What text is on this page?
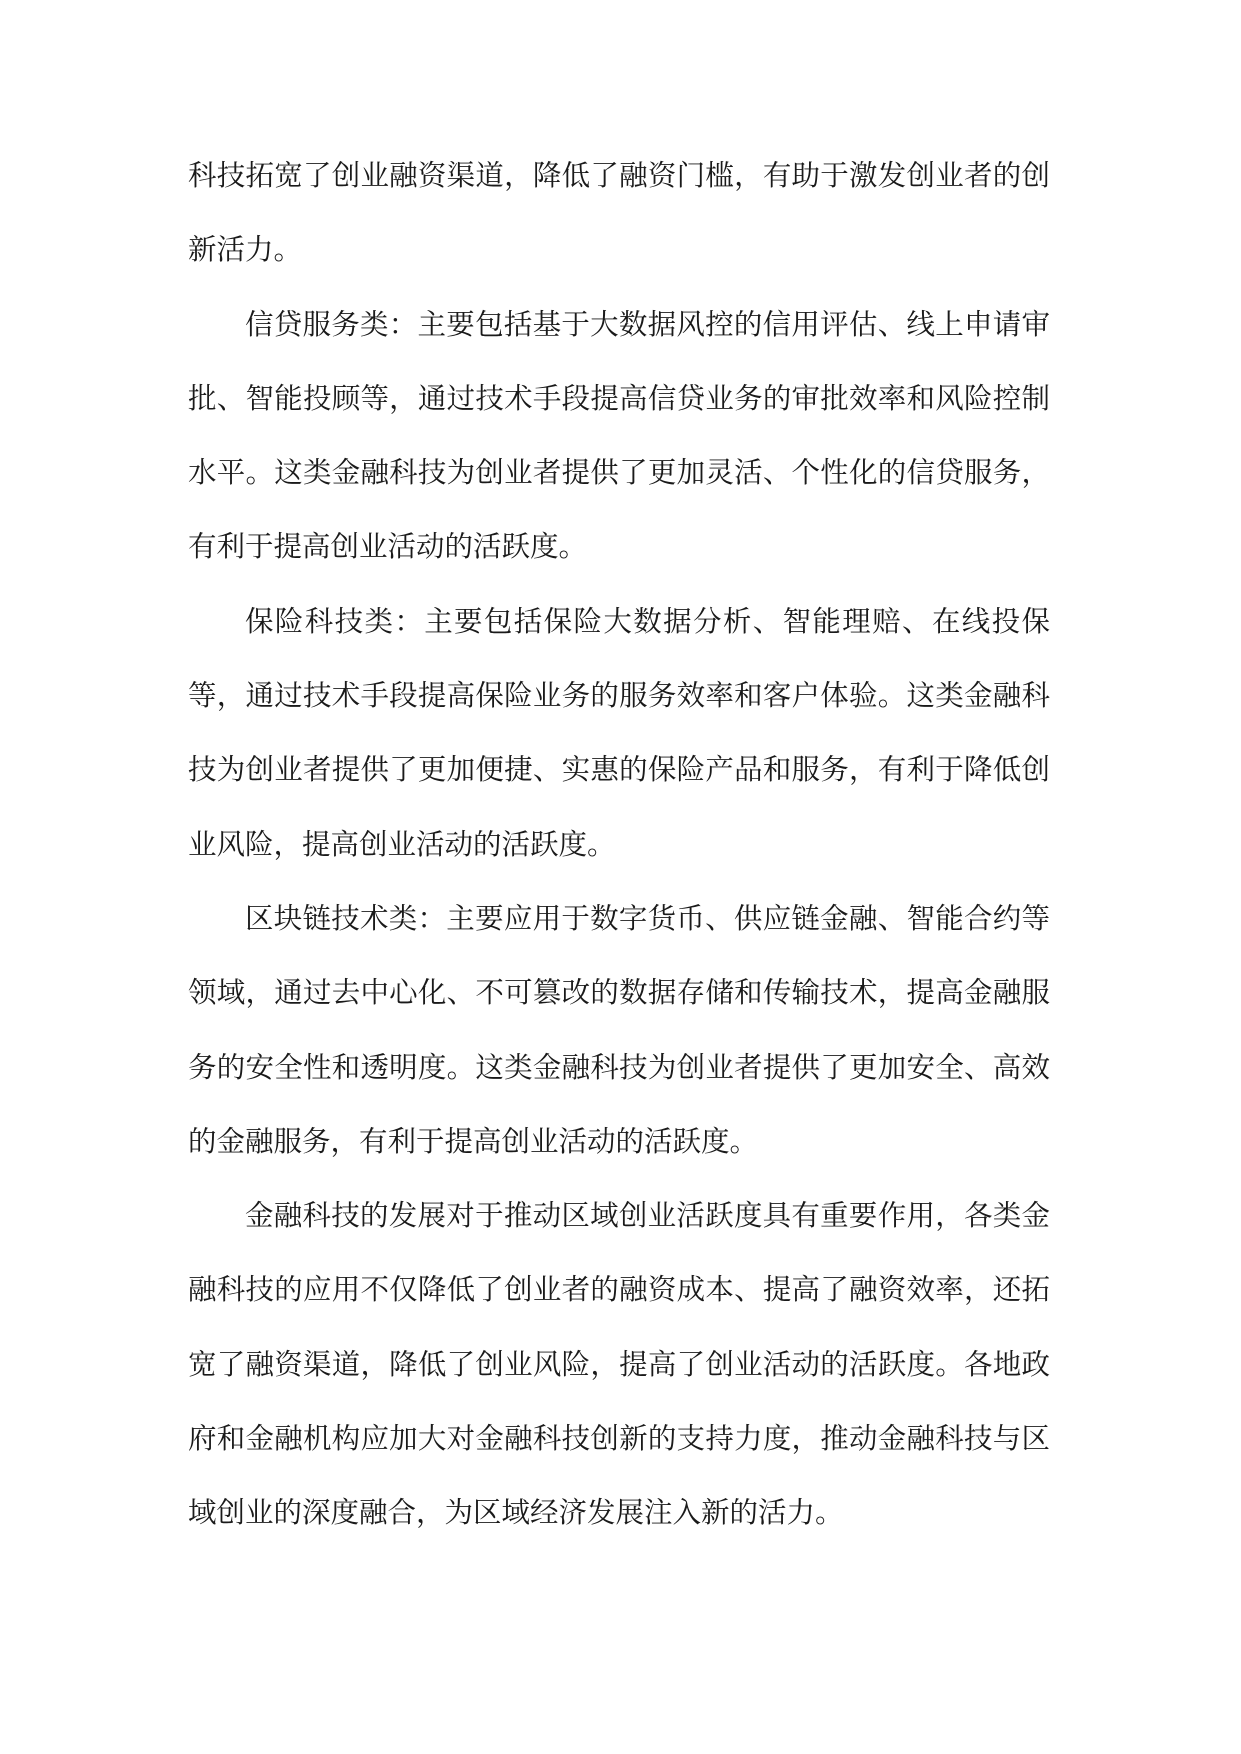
科技拓宽了创业融资渠道，降低了融资门槛，有助于激发创业者的创新活力。

信贷服务类：主要包括基于大数据风控的信用评估、线上申请审批、智能投顾等，通过技术手段提高信贷业务的审批效率和风险控制水平。这类金融科技为创业者提供了更加灵活、个性化的信贷服务，有利于提高创业活动的活跃度。

保险科技类：主要包括保险大数据分析、智能理赔、在线投保等，通过技术手段提高保险业务的服务效率和客户体验。这类金融科技为创业者提供了更加便捷、实惠的保险产品和服务，有利于降低创业风险，提高创业活动的活跃度。

区块链技术类：主要应用于数字货币、供应链金融、智能合约等领域，通过去中心化、不可篡改的数据存储和传输技术，提高金融服务的安全性和透明度。这类金融科技为创业者提供了更加安全、高效的金融服务，有利于提高创业活动的活跃度。

金融科技的发展对于推动区域创业活跃度具有重要作用，各类金融科技的应用不仅降低了创业者的融资成本、提高了融资效率，还拓宽了融资渠道，降低了创业风险，提高了创业活动的活跃度。各地政府和金融机构应加大对金融科技创新的支持力度，推动金融科技与区域创业的深度融合，为区域经济发展注入新的活力。
